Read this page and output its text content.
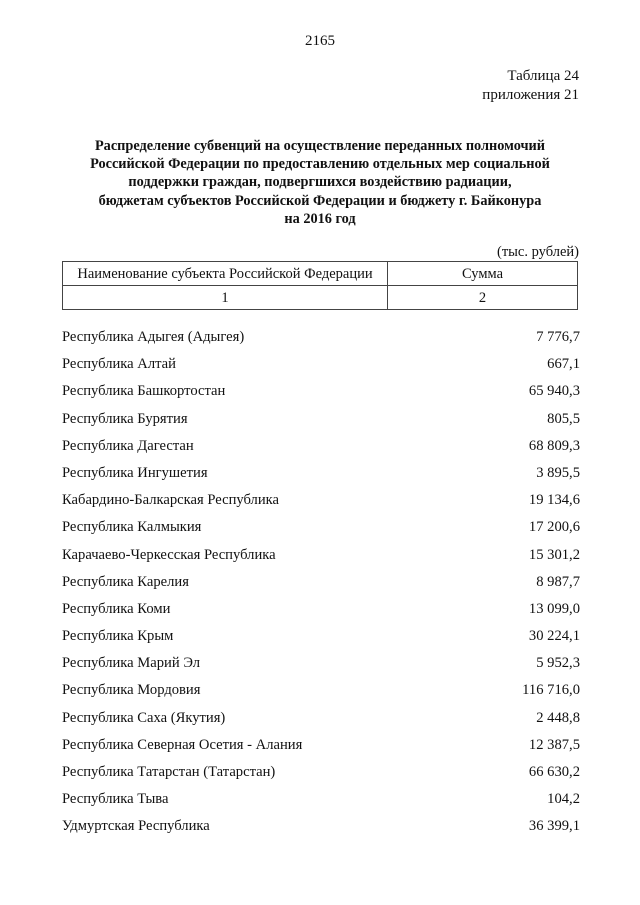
2165
Таблица 24
приложения 21
Распределение субвенций на осуществление переданных полномочий
Российской Федерации по предоставлению отдельных мер социальной
поддержки граждан, подвергшихся воздействию радиации,
бюджетам субъектов Российской Федерации и бюджету г. Байконура
на 2016 год
(тыс. рублей)
Наименование субъекта Российской Федерации	Сумма
1	2
Республика Адыгея (Адыгея)	7 776,7
Республика Алтай	667,1
Республика Башкортостан	65 940,3
Республика Бурятия	805,5
Республика Дагестан	68 809,3
Республика Ингушетия	3 895,5
Кабардино-Балкарская Республика	19 134,6
Республика Калмыкия	17 200,6
Карачаево-Черкесская Республика	15 301,2
Республика Карелия	8 987,7
Республика Коми	13 099,0
Республика Крым	30 224,1
Республика Марий Эл	5 952,3
Республика Мордовия	116 716,0
Республика Саха (Якутия)	2 448,8
Республика Северная Осетия - Алания	12 387,5
Республика Татарстан (Татарстан)	66 630,2
Республика Тыва	104,2
Удмуртская Республика	36 399,1
